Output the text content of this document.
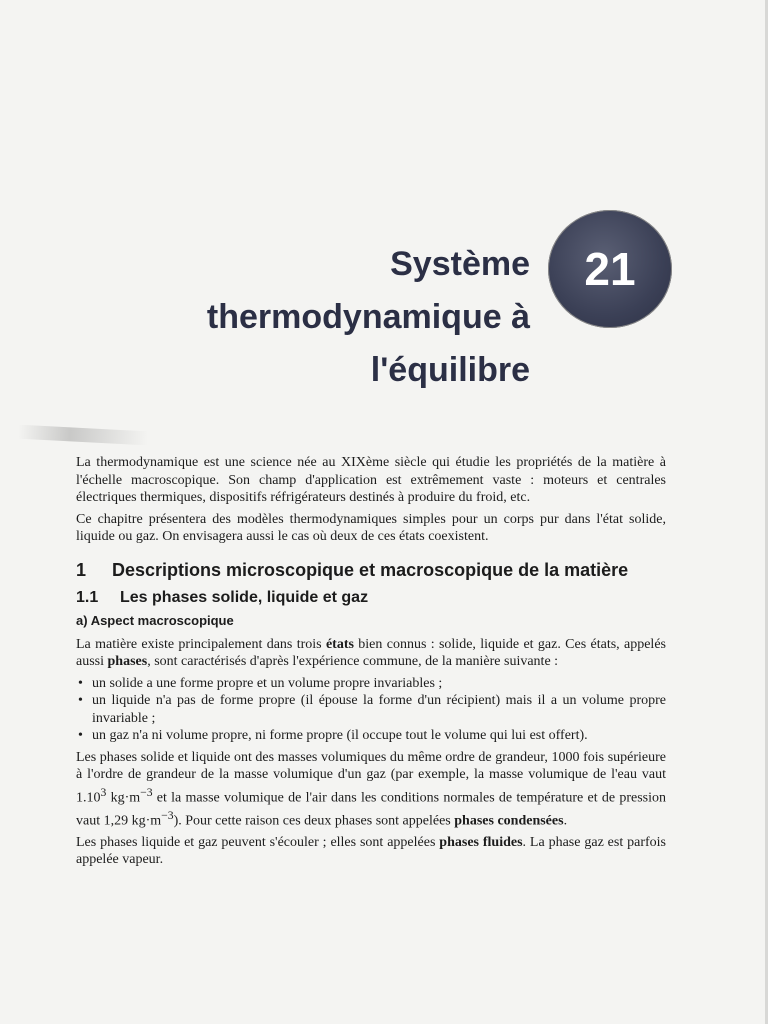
Système
thermodynamique à
l'équilibre
21

La thermodynamique est une science née au XIXème siècle qui étudie les propriétés de la matière à l'échelle macroscopique. Son champ d'application est extrêmement vaste : moteurs et centrales électriques thermiques, dispositifs réfrigérateurs destinés à produire du froid, etc.

Ce chapitre présentera des modèles thermodynamiques simples pour un corps pur dans l'état solide, liquide ou gaz. On envisagera aussi le cas où deux de ces états coexistent.

1	Descriptions microscopique et macroscopique de la matière
1.1	Les phases solide, liquide et gaz
a) Aspect macroscopique

La matière existe principalement dans trois états bien connus : solide, liquide et gaz. Ces états, appelés aussi phases, sont caractérisés d'après l'expérience commune, de la manière suivante :

• un solide a une forme propre et un volume propre invariables ;
• un liquide n'a pas de forme propre (il épouse la forme d'un récipient) mais il a un volume propre invariable ;
• un gaz n'a ni volume propre, ni forme propre (il occupe tout le volume qui lui est offert).

Les phases solide et liquide ont des masses volumiques du même ordre de grandeur, 1000 fois supérieure à l'ordre de grandeur de la masse volumique d'un gaz (par exemple, la masse volumique de l'eau vaut 1.10$^3$ $kg\cdot m^{-3}$ et la masse volumique de l'air dans les conditions normales de température et de pression vaut 1,29 $kg\cdot m^{-3}$). Pour cette raison ces deux phases sont appelées phases condensées.

Les phases liquide et gaz peuvent s'écouler ; elles sont appelées phases fluides. La phase gaz est parfois appelée vapeur.
